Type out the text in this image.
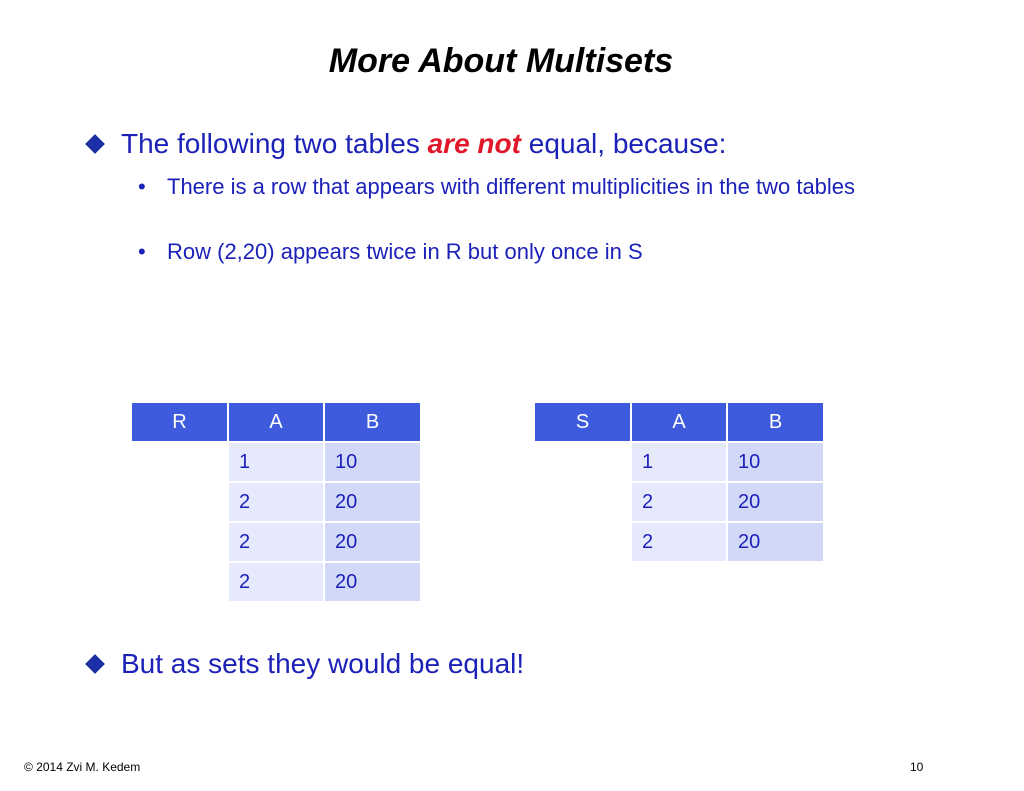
More About Multisets
The following two tables are not equal, because:
• There is a row that appears with different multiplicities in the two tables
• Row (2,20) appears twice in R but only once in S
R	A	B
	1	10
	2	20
	2	20
	2	20
S	A	B
	1	10
	2	20
	2	20
But as sets they would be equal!
© 2014 Zvi M. Kedem	10
